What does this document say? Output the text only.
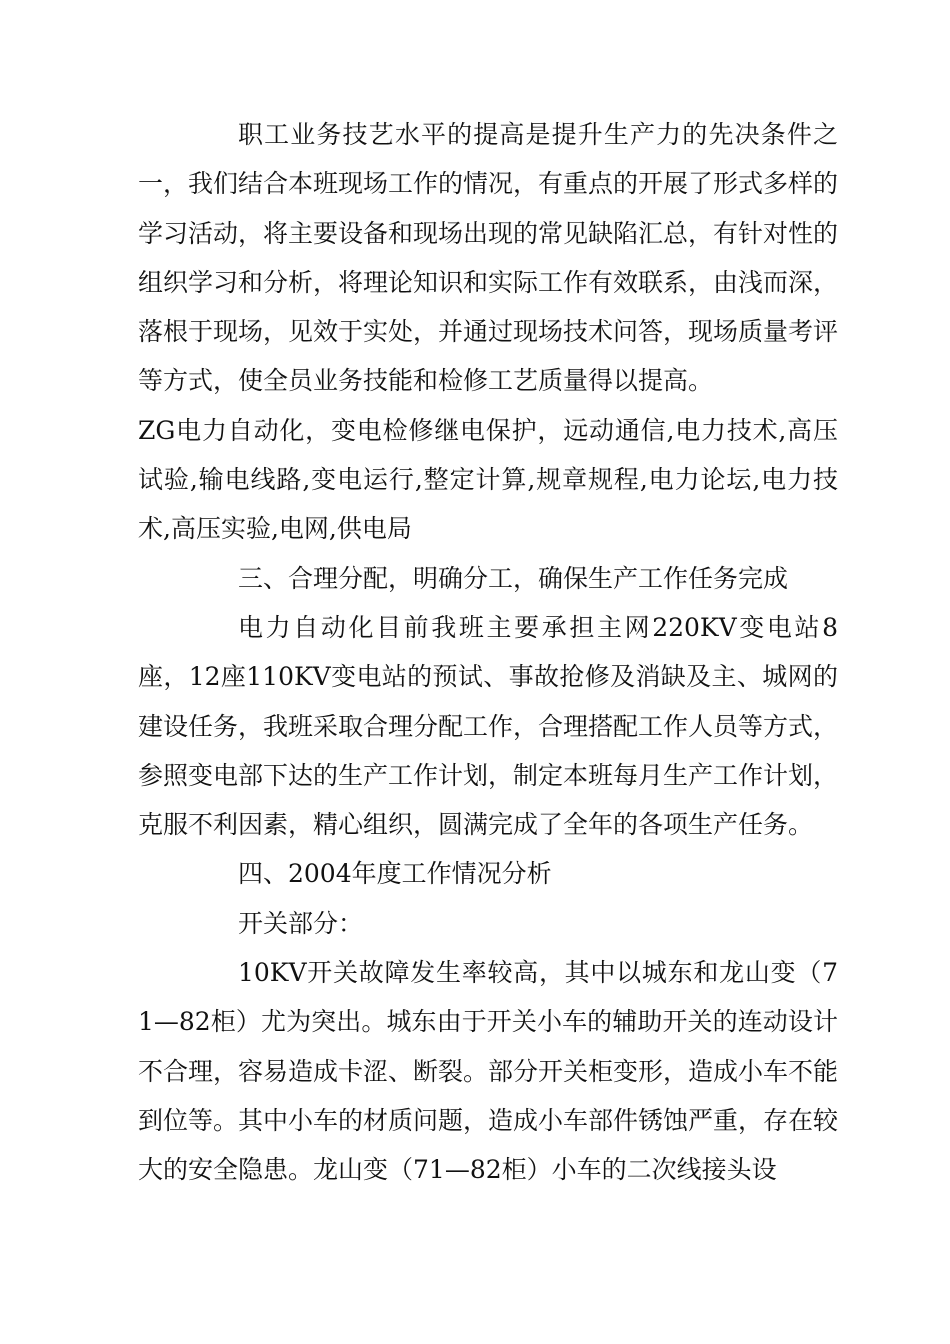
职工业务技艺水平的提高是提升生产力的先决条件之一，我们结合本班现场工作的情况，有重点的开展了形式多样的学习活动，将主要设备和现场出现的常见缺陷汇总，有针对性的组织学习和分析，将理论知识和实际工作有效联系，由浅而深，落根于现场，见效于实处，并通过现场技术问答，现场质量考评等方式，使全员业务技能和检修工艺质量得以提高。

ZG电力自动化，变电检修继电保护，远动通信,电力技术,高压试验,输电线路,变电运行,整定计算,规章规程,电力论坛,电力技术,高压实验,电网,供电局

三、合理分配，明确分工，确保生产工作任务完成

电力自动化目前我班主要承担主网220KV变电站8座，12座110KV变电站的预试、事故抢修及消缺及主、城网的建设任务，我班采取合理分配工作，合理搭配工作人员等方式，参照变电部下达的生产工作计划，制定本班每月生产工作计划，克服不利因素，精心组织，圆满完成了全年的各项生产任务。

四、2004年度工作情况分析

开关部分：

10KV开关故障发生率较高，其中以城东和龙山变（71—82柜）尤为突出。城东由于开关小车的辅助开关的连动设计不合理，容易造成卡涩、断裂。部分开关柜变形，造成小车不能到位等。其中小车的材质问题，造成小车部件锈蚀严重，存在较大的安全隐患。龙山变（71—82柜）小车的二次线接头设
